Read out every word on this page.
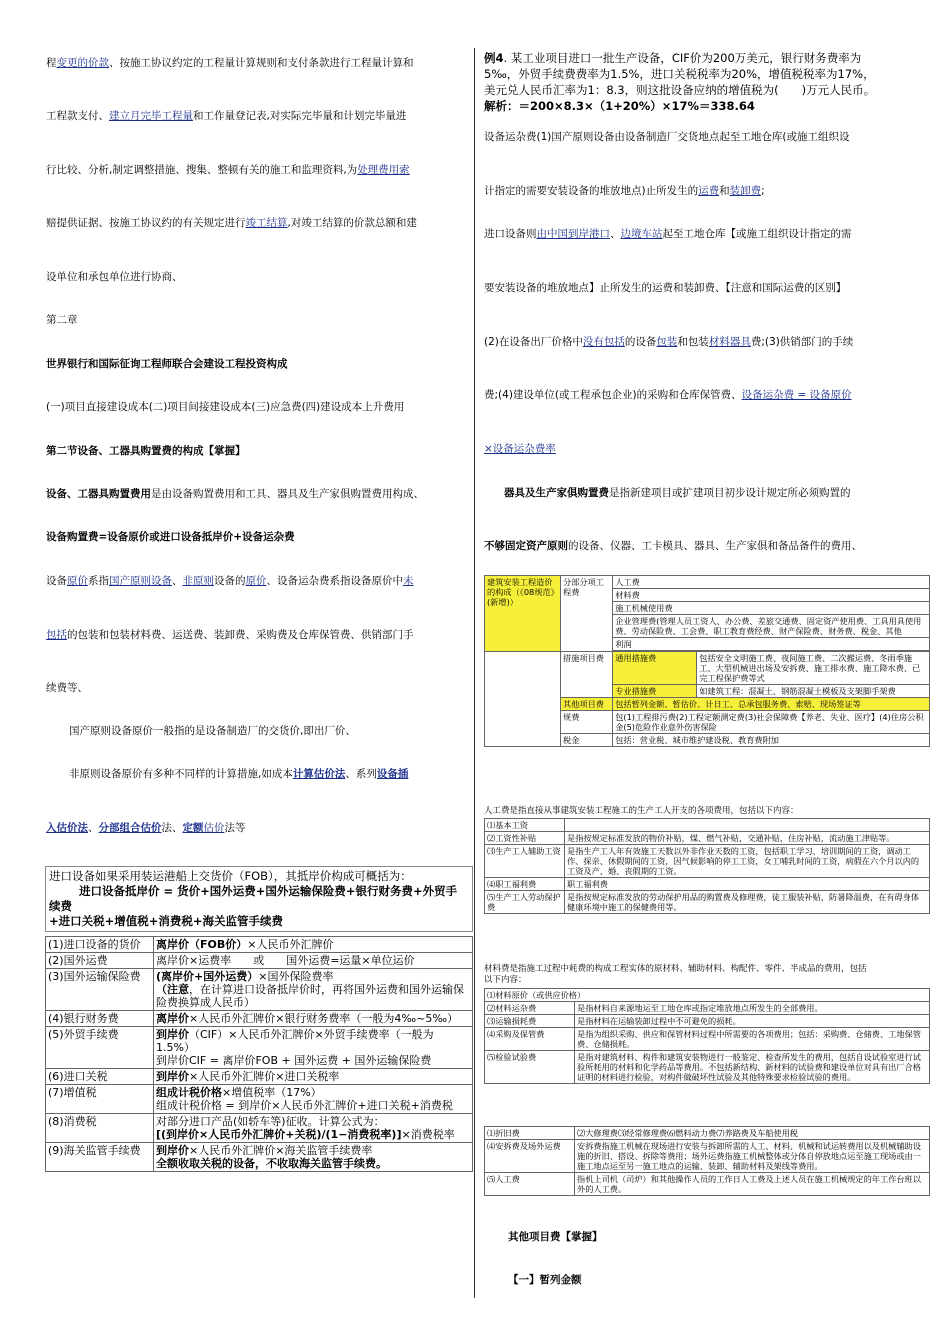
程变更的价款、按施工协议约定的工程量计算规则和支付条款进行工程量计算和
工程款支付、建立月完毕工程量和工作量登记表,对实际完毕量和计划完毕量进
行比较、分析,制定调整措施、搜集、整顿有关的施工和监理资料,为处理费用索
赔提供证据、按施工协议约的有关规定进行竣工结算,对竣工结算的价款总额和建
设单位和承包单位进行协商、
第二章
世界银行和国际征询工程师联合会建设工程投资构成
(一)项目直接建设成本(二)项目间接建设成本(三)应急费(四)建设成本上升费用
第二节设备、工器具购置费的构成【掌握】
设备、工器具购置费用是由设备购置费用和工具、器具及生产家俱购置费用构成、
设备购置费=设备原价或进口设备抵岸价+设备运杂费
设备原价系指国产原则设备、非原则设备的原价、设备运杂费系指设备原价中未
包括的包装和包装材料费、运送费、装卸费、采购费及仓库保管费、供销部门手
续费等、
国产原则设备原价一般指的是设备制造厂的交货价,即出厂价、
非原则设备原价有多种不同样的计算措施,如成本计算估价法、系列设备插
入估价法、分部组合估价法、定额估价法等
进口设备如果采用装运港船上交货价（FOB），其抵岸价构成可概括为：
进口设备抵岸价 = 货价+国外运费+国外运输保险费+银行财务费+外贸手
续费
+进口关税+增值税+消费税+海关监管手续费
(1)进口设备的货价	离岸价（FOB价）×人民币外汇牌价
(2)国外运费	离岸价×运费率　　或　　国外运费=运量×单位运价
(3)国外运输保险费	(离岸价+国外运费）×国外保险费率
（注意，在计算进口设备抵岸价时，再将国外运费和国外运输保险费换算成人民币）
(4)银行财务费	离岸价×人民币外汇牌价×银行财务费率（一般为4‰~5‰）
(5)外贸手续费	到岸价（CIF）×人民币外汇牌价×外贸手续费率（一般为1.5%）
到岸价CIF = 离岸价FOB + 国外运费 + 国外运输保险费
(6)进口关税	到岸价×人民币外汇牌价×进口关税率
(7)增值税	组成计税价格×增值税率（17%）
组成计税价格 = 到岸价×人民币外汇牌价+进口关税+消费税
(8)消费税	对部分进口产品(如轿车等)征收。计算公式为：
[(到岸价×人民币外汇牌价+关税)/(1−消费税率)]×消费税率
(9)海关监管手续费	到岸价×人民币外汇牌价×海关监管手续费率
全额收取关税的设备，不收取海关监管手续费。
例4. 某工业项目进口一批生产设备，CIF价为200万美元，银行财务费率为
5‰，外贸手续费费率为1.5%，进口关税税率为20%，增值税税率为17%，
美元兑人民币汇率为1：8.3，则这批设备应纳的增值税为(　　)万元人民币。
解析：＝200×8.3×（1+20%）×17%＝338.64
设备运杂费(1)国产原则设备由设备制造厂交货地点起至工地仓库(或施工组织设
计指定的需要安装设备的堆放地点)止所发生的运费和装卸费;
进口设备则由中国到岸港口、边境车站起至工地仓库【或施工组织设计指定的需
要安装设备的堆放地点】止所发生的运费和装卸费、【注意和国际运费的区别】
(2)在设备出厂价格中没有包括的设备包装和包装材料器具费;(3)供销部门的手续
费;(4)建设单位(或工程承包企业)的采购和仓库保管费、设备运杂费 = 设备原价
×设备运杂费率
器具及生产家俱购置费是指新建项目或扩建项目初步设计规定所必须购置的
不够固定资产原则的设备、仪器、工卡模具、器具、生产家俱和备品备件的费用、
建筑安装工程造价的构成（《08规范》(新增)）	分部分项工程费	人工费	
		材料费	
		施工机械使用费	
		企业管理费(管理人员工资人、办公费、差旅交通费、固定资产使用费、工具用具使用费、劳动保险费、工会费、职工教育费经费、财产保险费、财务费、税金、其他	
		利润	

	措施项目费	通用措施费	包括安全文明施工费、夜间施工费、二次搬运费、冬雨季施工、大型机械进出场及安拆费、施工排水费、施工降水费、已完工程保护费等式
		专业措施费	如建筑工程：混凝土、钢筋混凝土模板及支架脚手架费
	其他项目费	包括暂列金额、暂估价、计日工、总承包服务费、索赔、现场签证等	
	规费	包(1)工程排污费(2)工程定额测定费(3)社会保障费【养老、失业、医疗】(4)住房公积金(5)危险作业意外伤害保险	
	税金	包括：营业税、城市维护建设税、教育费附加	
人工费是指直接从事建筑安装工程施工的生产工人开支的各项费用，包括以下内容：
⑴基本工资	
⑵工资性补贴	是指按规定标准发放的物价补贴，煤、燃气补贴，交通补贴，住房补贴，流动施工津贴等。
⑶生产工人辅助工资	是指生产工人年有效施工天数以外非作业天数的工资，包括职工学习、培训期间的工资，调动工作、探亲、休假期间的工资，因气候影响的停工工资，女工哺乳时间的工资，病假在六个月以内的工资及产、婚、丧假期的工资。
⑷职工福利费	职工福利费
⑸生产工人劳动保护费	是指按规定标准发放的劳动保护用品的购置费及修理费，徒工服装补贴，防暑降温费，在有碍身体健康环境中施工的保健费用等。
材料费是指施工过程中耗费的构成工程实体的原材料、辅助材料、构配件、零件、半成品的费用，包括
以下内容：
⑴材料原价（或供应价格）	
⑵材料运杂费	是指材料自来源地运至工地仓库或指定堆放地点所发生的全部费用。
⑶运输损耗费	是指材料在运输装卸过程中不可避免的损耗。
⑷采购及保管费	是指为组织采购、供应和保管材料过程中所需要的各项费用；包括：采购费、仓储费、工地保管费、仓储损耗。
⑸检验试验费	是指对建筑材料、构件和建筑安装物进行一般鉴定、检查所发生的费用，包括自设试验室进行试验所耗用的材料和化学药品等费用。不包括新结构、新材料的试验费和建设单位对具有出厂合格证明的材料进行检验，对构件做破坏性试验及其他特殊要求检验试验的费用。
⑴折旧费	⑵大修理费⑶经常修理费⑹燃料动力费⑺养路费及车船使用税
⑷安拆费及场外运费	安拆费指施工机械在现场进行安装与拆卸所需的人工、材料、机械和试运转费用以及机械辅助设施的折旧、搭设、拆除等费用；场外运费指施工机械整体或分体自停放地点运至施工现场或由一施工地点运至另一施工地点的运输、装卸、辅助材料及架线等费用。
⑸人工费	指机上司机（司炉）和其他操作人员的工作日人工费及上述人员在施工机械规定的年工作台班以外的人工费。
其他项目费【掌握】
【一】暂列金额
